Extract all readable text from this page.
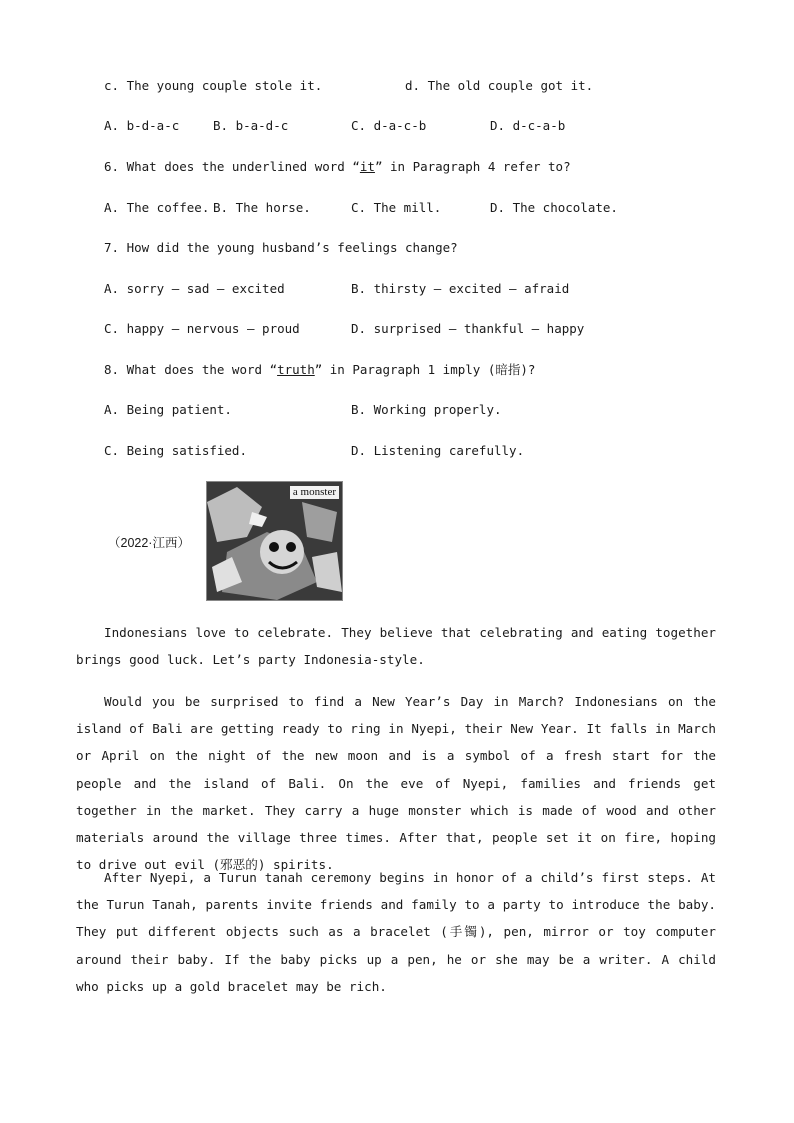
c. The young couple stole it.	d. The old couple got it.
A. b-d-a-c	B. b-a-d-c	C. d-a-c-b	D. d-c-a-b
6. What does the underlined word “it” in Paragraph 4 refer to?
A. The coffee. B. The horse.	C. The mill.	D. The chocolate.
7. How did the young husband’s feelings change?
A. sorry — sad — excited	B. thirsty — excited — afraid
C. happy — nervous — proud	D. surprised — thankful — happy
8. What does the word “truth” in Paragraph 1 imply (暗指)?
A. Being patient.	B. Working properly.
C. Being satisfied.	D. Listening carefully.
（2022·江西）
a monster

Indonesians love to celebrate. They believe that celebrating and eating together brings good luck. Let’s party Indonesia-style.

Would you be surprised to find a New Year’s Day in March? Indonesians on the island of Bali are getting ready to ring in Nyepi, their New Year. It falls in March or April on the night of the new moon and is a symbol of a fresh start for the people and the island of Bali. On the eve of Nyepi, families and friends get together in the market. They carry a huge monster which is made of wood and other materials around the village three times. After that, people set it on fire, hoping to drive out evil (邪恶的) spirits.

After Nyepi, a Turun tanah ceremony begins in honor of a child’s first steps. At the Turun Tanah, parents invite friends and family to a party to introduce the baby. They put different objects such as a bracelet (手镯), pen, mirror or toy computer around their baby. If the baby picks up a pen, he or she may be a writer. A child who picks up a gold bracelet may be rich.
